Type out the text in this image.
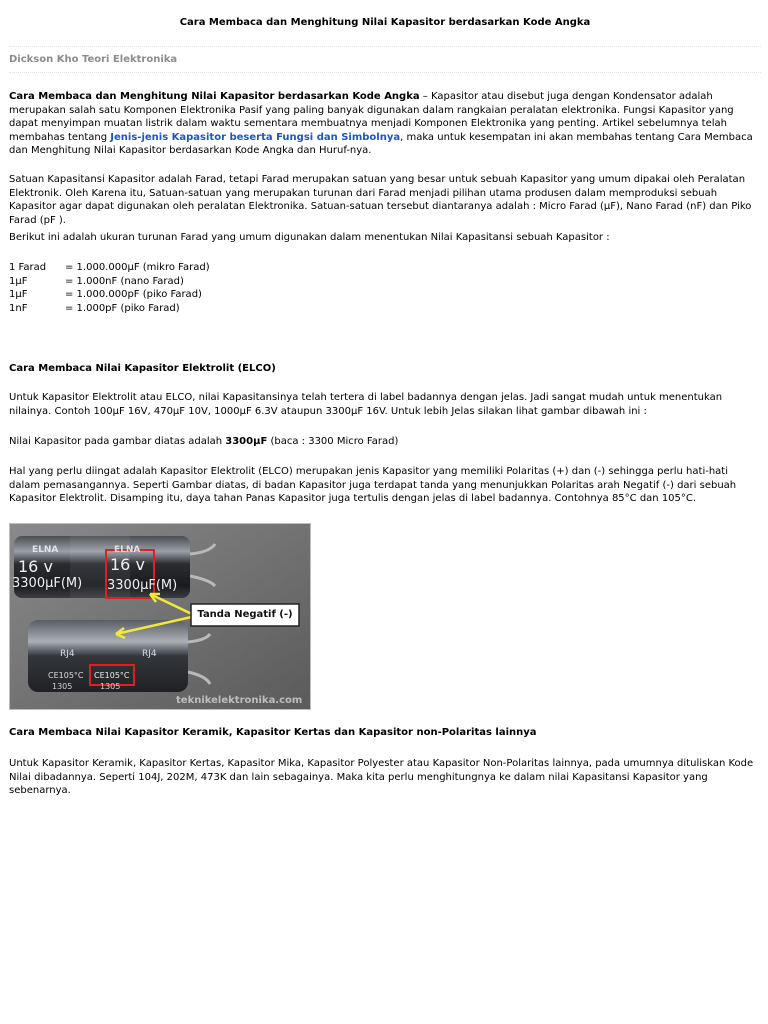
Cara Membaca dan Menghitung Nilai Kapasitor berdasarkan Kode Angka
Dickson Kho Teori Elektronika
Cara Membaca dan Menghitung Nilai Kapasitor berdasarkan Kode Angka – Kapasitor atau disebut juga dengan Kondensator adalah merupakan salah satu Komponen Elektronika Pasif yang paling banyak digunakan dalam rangkaian peralatan elektronika. Fungsi Kapasitor yang dapat menyimpan muatan listrik dalam waktu sementara membuatnya menjadi Komponen Elektronika yang penting. Artikel sebelumnya telah membahas tentang Jenis-jenis Kapasitor beserta Fungsi dan Simbolnya, maka untuk kesempatan ini akan membahas tentang Cara Membaca dan Menghitung Nilai Kapasitor berdasarkan Kode Angka dan Huruf-nya.
Satuan Kapasitansi Kapasitor adalah Farad, tetapi Farad merupakan satuan yang besar untuk sebuah Kapasitor yang umum dipakai oleh Peralatan Elektronik. Oleh Karena itu, Satuan-satuan yang merupakan turunan dari Farad menjadi pilihan utama produsen dalam memproduksi sebuah Kapasitor agar dapat digunakan oleh peralatan Elektronika. Satuan-satuan tersebut diantaranya adalah : Micro Farad (µF), Nano Farad (nF) dan Piko Farad (pF ).
Berikut ini adalah ukuran turunan Farad yang umum digunakan dalam menentukan Nilai Kapasitansi sebuah Kapasitor :
1 Farad = 1.000.000µF (mikro Farad)
1µF	= 1.000nF (nano Farad)
1µF	= 1.000.000pF (piko Farad)
1nF	= 1.000pF (piko Farad)
Cara Membaca Nilai Kapasitor Elektrolit (ELCO)
Untuk Kapasitor Elektrolit atau ELCO, nilai Kapasitansinya telah tertera di label badannya dengan jelas. Jadi sangat mudah untuk menentukan nilainya. Contoh 100µF 16V, 470µF 10V, 1000µF 6.3V ataupun 3300µF 16V. Untuk lebih Jelas silakan lihat gambar dibawah ini :
Nilai Kapasitor pada gambar diatas adalah 3300µF (baca : 3300 Micro Farad)
Hal yang perlu diingat adalah Kapasitor Elektrolit (ELCO) merupakan jenis Kapasitor yang memiliki Polaritas (+) dan (-) sehingga perlu hati-hati dalam pemasangannya. Seperti Gambar diatas, di badan Kapasitor juga terdapat tanda yang menunjukkan Polaritas arah Negatif (-) dari sebuah Kapasitor Elektrolit. Disamping itu, daya tahan Panas Kapasitor juga tertulis dengan jelas di label badannya. Contohnya 85°C dan 105°C.
ELNA	ELNA
16 v	16 v
3300µF(M) 3300µF(M)
RJ4	RJ4
CE105°C CE105°C
1305	1305
Tanda Negatif (-)
teknikelektronika.com
Cara Membaca Nilai Kapasitor Keramik, Kapasitor Kertas dan Kapasitor non-Polaritas lainnya
Untuk Kapasitor Keramik, Kapasitor Kertas, Kapasitor Mika, Kapasitor Polyester atau Kapasitor Non-Polaritas lainnya, pada umumnya dituliskan Kode Nilai dibadannya. Seperti 104J, 202M, 473K dan lain sebagainya. Maka kita perlu menghitungnya ke dalam nilai Kapasitansi Kapasitor yang sebenarnya.
